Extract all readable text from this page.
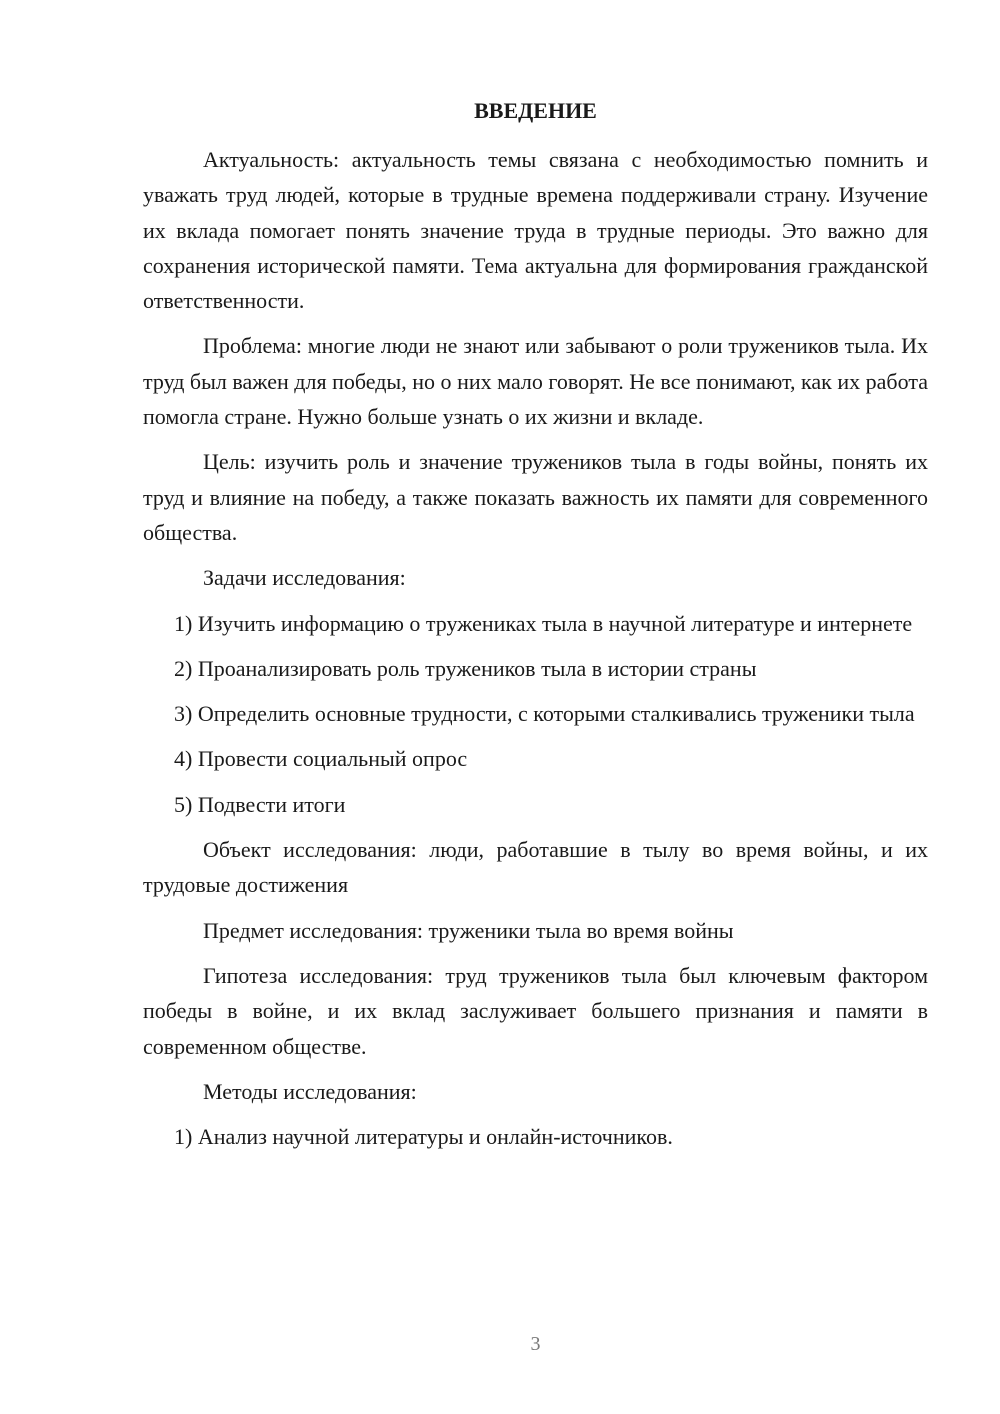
ВВЕДЕНИЕ

Актуальность: актуальность темы связана с необходимостью помнить и уважать труд людей, которые в трудные времена поддерживали страну. Изучение их вклада помогает понять значение труда в трудные периоды. Это важно для сохранения исторической памяти. Тема актуальна для формирования гражданской ответственности.

Проблема: многие люди не знают или забывают о роли тружеников тыла. Их труд был важен для победы, но о них мало говорят. Не все понимают, как их работа помогла стране. Нужно больше узнать о их жизни и вкладе.

Цель: изучить роль и значение тружеников тыла в годы войны, понять их труд и влияние на победу, а также показать важность их памяти для современного общества.

Задачи исследования:

1) Изучить информацию о тружениках тыла в научной литературе и интернете

2) Проанализировать роль тружеников тыла в истории страны

3) Определить основные трудности, с которыми сталкивались труженики тыла

4) Провести социальный опрос

5) Подвести итоги

Объект исследования: люди, работавшие в тылу во время войны, и их трудовые достижения

Предмет исследования: труженики тыла во время войны

Гипотеза исследования: труд тружеников тыла был ключевым фактором победы в войне, и их вклад заслуживает большего признания и памяти в современном обществе.

Методы исследования:

1) Анализ научной литературы и онлайн-источников.

3
